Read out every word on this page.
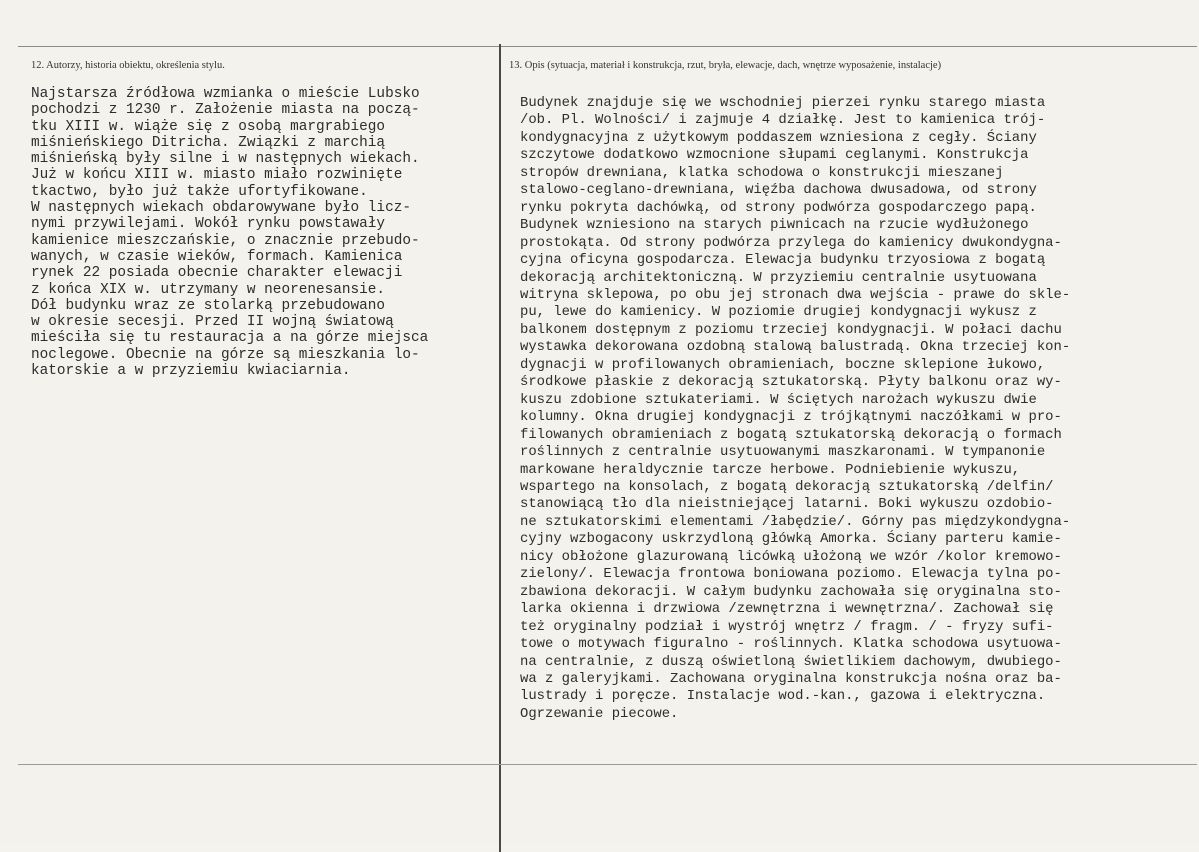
12. Autorzy, historia obiektu, określenia stylu.	13. Opis (sytuacja, materiał i konstrukcja, rzut, bryła, elewacje, dach, wnętrze wyposażenie, instalacje)
Najstarsza źródłowa wzmianka o mieście Lubsko
pochodzi z 1230 r. Założenie miasta na począ-
tku XIII w. wiąże się z osobą margrabiego
miśnieńskiego Ditricha. Związki z marchią
miśnieńską były silne i w następnych wiekach.
Już w końcu XIII w. miasto miało rozwinięte
tkactwo, było już także ufortyfikowane.
W następnych wiekach obdarowywane było licz-
nymi przywilejami. Wokół rynku powstawały
kamienice mieszczańskie, o znacznie przebudo-
wanych, w czasie wieków, formach. Kamienica
rynek 22 posiada obecnie charakter elewacji
z końca XIX w. utrzymany w neorenesansie.
Dół budynku wraz ze stolarką przebudowano
w okresie secesji. Przed II wojną światową
mieściła się tu restauracja a na górze miejsca
noclegowe. Obecnie na górze są mieszkania lo-
katorskie a w przyziemiu kwiaciarnia.
Budynek znajduje się we wschodniej pierzei rynku starego miasta
/ob. Pl. Wolności/ i zajmuje 4 działkę. Jest to kamienica trój-
kondygnacyjna z użytkowym poddaszem wzniesiona z cegły. Ściany
szczytowe dodatkowo wzmocnione słupami ceglanymi. Konstrukcja
stropów drewniana, klatka schodowa o konstrukcji mieszanej
stalowo-ceglano-drewniana, więźba dachowa dwusadowa, od strony
rynku pokryta dachówką, od strony podwórza gospodarczego papą.
Budynek wzniesiono na starych piwnicach na rzucie wydłużonego
prostokąta. Od strony podwórza przylega do kamienicy dwukondygna-
cyjna oficyna gospodarcza. Elewacja budynku trzyosiowa z bogatą
dekoracją architektoniczną. W przyziemiu centralnie usytuowana
witryna sklepowa, po obu jej stronach dwa wejścia - prawe do skle-
pu, lewe do kamienicy. W poziomie drugiej kondygnacji wykusz z
balkonem dostępnym z poziomu trzeciej kondygnacji. W połaci dachu
wystawka dekorowana ozdobną stalową balustradą. Okna trzeciej kon-
dygnacji w profilowanych obramieniach, boczne sklepione łukowo,
środkowe płaskie z dekoracją sztukatorską. Płyty balkonu oraz wy-
kuszu zdobione sztukateriami. W ściętych narożach wykuszu dwie
kolumny. Okna drugiej kondygnacji z trójkątnymi naczółkami w pro-
filowanych obramieniach z bogatą sztukatorską dekoracją o formach
roślinnych z centralnie usytuowanymi maszkaronami. W tympanonie
markowane heraldycznie tarcze herbowe. Podniebienie wykuszu,
wspartego na konsolach, z bogatą dekoracją sztukatorską /delfin/
stanowiącą tło dla nieistniejącej latarni. Boki wykuszu ozdobio-
ne sztukatorskimi elementami /łabędzie/. Górny pas międzykondygna-
cyjny wzbogacony uskrzydloną główką Amorka. Ściany parteru kamie-
nicy obłożone glazurowaną licówką ułożoną we wzór /kolor kremowo-
zielony/. Elewacja frontowa boniowana poziomo. Elewacja tylna po-
zbawiona dekoracji. W całym budynku zachowała się oryginalna sto-
larka okienna i drzwiowa /zewnętrzna i wewnętrzna/. Zachował się
też oryginalny podział i wystrój wnętrz / fragm. / - fryzy sufi-
towe o motywach figuralno - roślinnych. Klatka schodowa usytuowa-
na centralnie, z duszą oświetloną świetlikiem dachowym, dwubiego-
wa z galeryjkami. Zachowana oryginalna konstrukcja nośna oraz ba-
lustrady i poręcze. Instalacje wod.-kan., gazowa i elektryczna.
Ogrzewanie piecowe.
